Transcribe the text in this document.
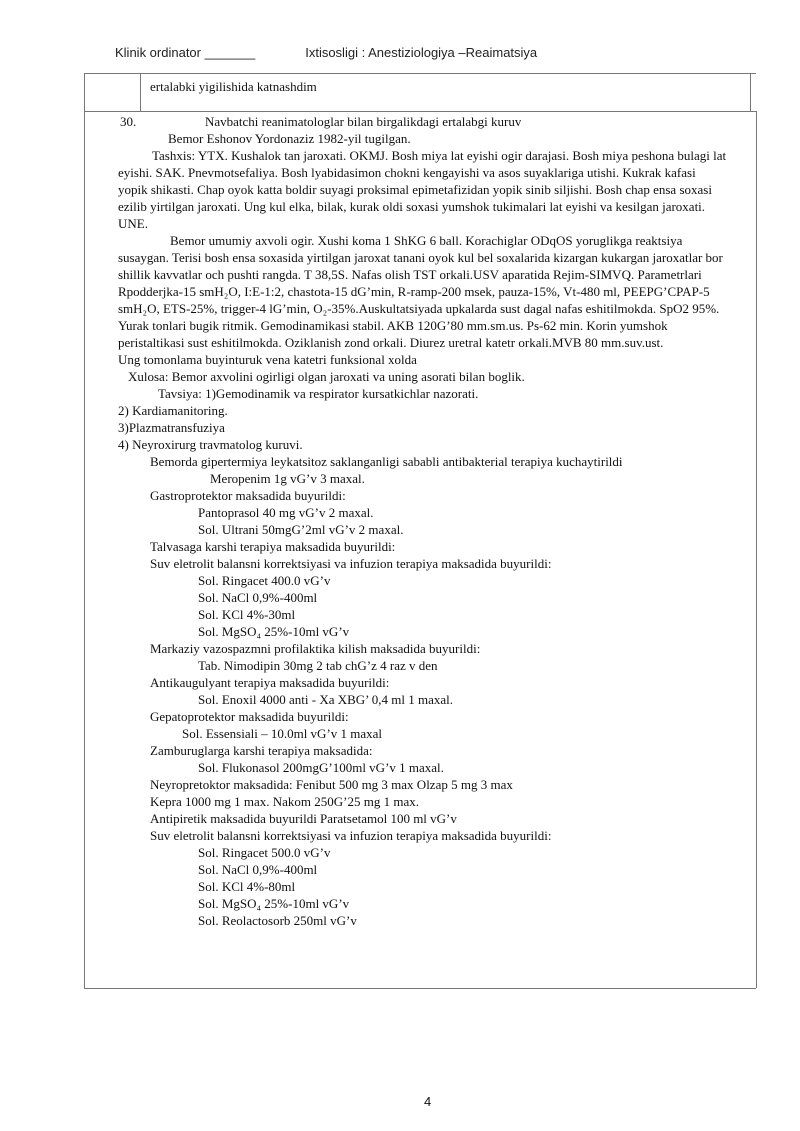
Klinik ordinator _______	Ixtisosligi : Anestiziologiya –Reaimatsiya
ertalabki yigilishida katnashdim
30.	Navbatchi reanimatologlar bilan birgalikdagi ertalabgi kuruv
Bemor Eshonov Yordonaziz 1982-yil tugilgan.
Tashxis: YTX. Kushalok tan jaroxati. OKMJ. Bosh miya lat eyishi ogir darajasi. Bosh miya peshona bulagi lat
eyishi. SAK. Pnevmotsefaliya. Bosh lyabidasimon chokni kengayishi va asos suyaklariga utishi. Kukrak kafasi
yopik shikasti. Chap oyok katta boldir suyagi proksimal epimetafizidan yopik sinib siljishi. Bosh chap ensa soxasi
ezilib yirtilgan jaroxati. Ung kul elka, bilak, kurak oldi soxasi yumshok tukimalari lat eyishi va kesilgan jaroxati.
UNE.
Bemor umumiy axvoli ogir. Xushi koma 1 ShKG 6 ball. Korachiglar ODqOS yoruglikga reaktsiya
susaygan. Terisi bosh ensa soxasida yirtilgan jaroxat tanani oyok kul bel soxalarida kizargan kukargan jaroxatlar bor
shillik kavvatlar och pushti rangda. T 38,5S. Nafas olish TST orkali.USV aparatida Rejim-SIMVQ. Parametrlari
Rpodderjka-15 smH₂O, I:E-1:2, chastota-15 dG’min, R-ramp-200 msek, pauza-15%, Vt-480 ml, PEEPG’CPAP-5
smH₂O, ETS-25%, trigger-4 lG’min, O₂-35%.Auskultatsiyada upkalarda sust dagal nafas eshitilmokda. SpO2 95%.
Yurak tonlari bugik ritmik. Gemodinamikasi stabil. AKB 120G’80 mm.sm.us. Ps-62 min. Korin yumshok
peristaltikasi sust eshitilmokda. Oziklanish zond orkali. Diurez uretral katetr orkali.MVB 80 mm.suv.ust.
Ung tomonlama buyinturuk vena katetri funksional xolda
Xulosa: Bemor axvolini ogirligi olgan jaroxati va uning asorati bilan boglik.
Tavsiya: 1)Gemodinamik va respirator kursatkichlar nazorati.
2) Kardiamanitoring.
3)Plazmatransfuziya
4) Neyroxirurg travmatolog kuruvi.
Bemorda gipertermiya leykatsitoz saklanganligi sababli antibakterial terapiya kuchaytirildi
Meropenim 1g vG’v 3 maxal.
Gastroprotektor maksadida buyurildi:
Pantoprasol 40 mg vG’v 2 maxal.
Sol. Ultrani 50mgG’2ml vG’v 2 maxal.
Talvasaga karshi terapiya maksadida buyurildi:
Suv eletrolit balansni korrektsiyasi va infuzion terapiya maksadida buyurildi:
Sol. Ringacet 400.0 vG’v
Sol. NaCl 0,9%-400ml
Sol. KCl 4%-30ml
Sol. MgSO₄ 25%-10ml vG’v
Markaziy vazospazmni profilaktika kilish maksadida buyurildi:
Tab. Nimodipin 30mg 2 tab chG’z 4 raz v den
Antikaugulyant terapiya maksadida buyurildi:
Sol. Enoxil 4000 anti - Xa XBG’ 0,4 ml 1 maxal.
Gepatoprotektor maksadida buyurildi:
Sol. Essensiali – 10.0ml vG’v 1 maxal
Zamburuglarga karshi terapiya maksadida:
Sol. Flukonasol 200mgG’100ml vG’v 1 maxal.
Neyropretoktor maksadida: Fenibut 500 mg 3 max Olzap 5 mg 3 max
Kepra 1000 mg 1 max. Nakom 250G’25 mg 1 max.
Antipiretik maksadida buyurildi Paratsetamol 100 ml vG’v
Suv eletrolit balansni korrektsiyasi va infuzion terapiya maksadida buyurildi:
Sol. Ringacet 500.0 vG’v
Sol. NaCl 0,9%-400ml
Sol. KCl 4%-80ml
Sol. MgSO₄ 25%-10ml vG’v
Sol. Reolactosorb 250ml vG’v
4
